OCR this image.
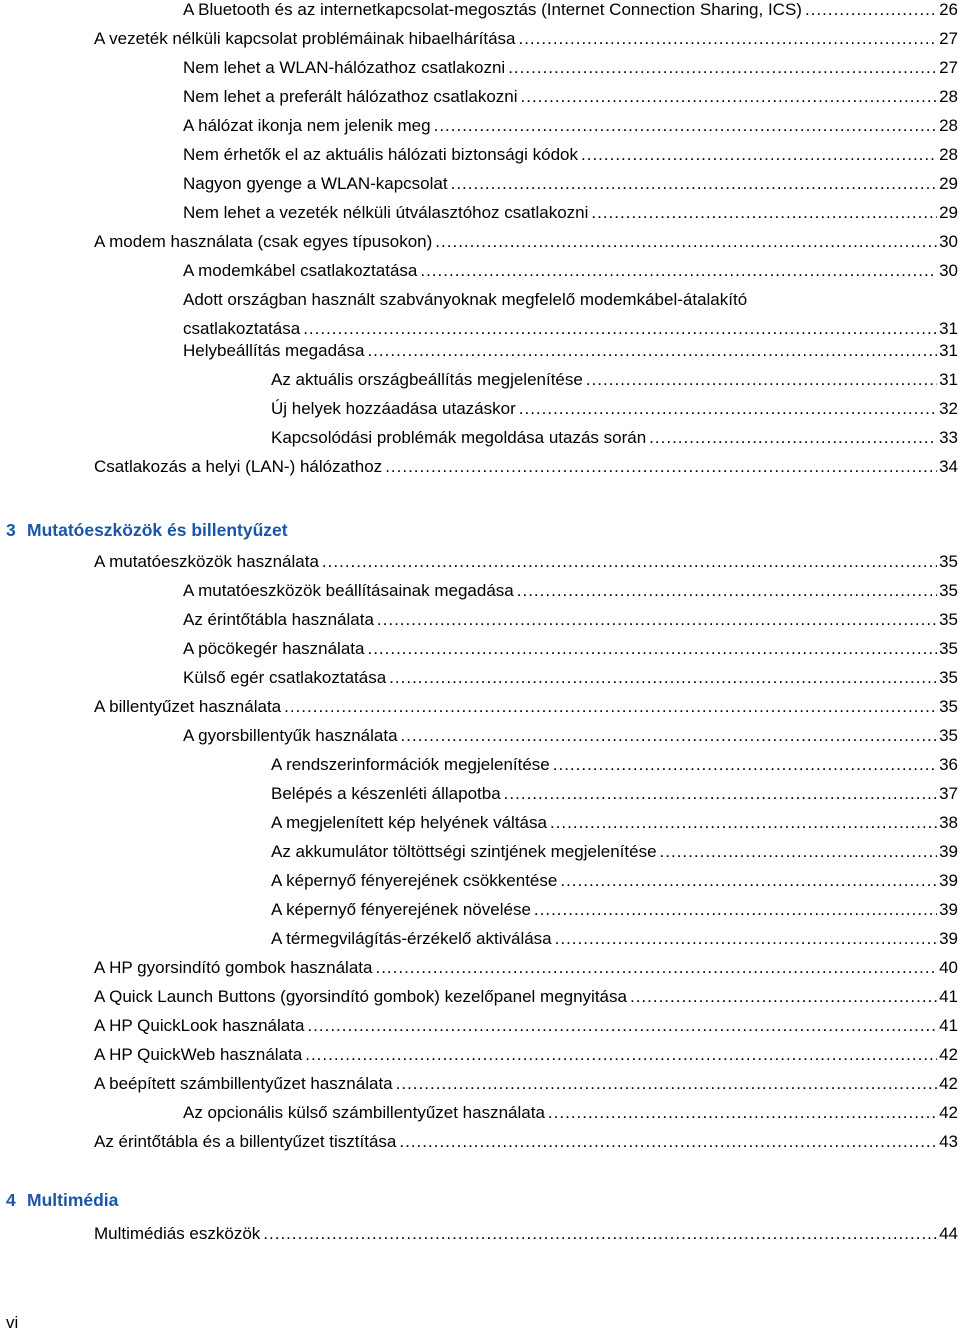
A Bluetooth és az internetkapcsolat-megosztás (Internet Connection Sharing, ICS) .....	26
A vezeték nélküli kapcsolat problémáinak hibaelhárítása .....	27
Nem lehet a WLAN-hálózathoz csatlakozni .....	27
Nem lehet a preferált hálózathoz csatlakozni .....	28
A hálózat ikonja nem jelenik meg .....	28
Nem érhetők el az aktuális hálózati biztonsági kódok .....	28
Nagyon gyenge a WLAN-kapcsolat .....	29
Nem lehet a vezeték nélküli útválasztóhoz csatlakozni .....	29
A modem használata (csak egyes típusokon) .....	30
A modemkábel csatlakoztatása .....	30
Adott országban használt szabványoknak megfelelő modemkábel-átalakító
csatlakoztatása .....	31
Helybeállítás megadása .....	31
Az aktuális országbeállítás megjelenítése .....	31
Új helyek hozzáadása utazáskor .....	32
Kapcsolódási problémák megoldása utazás során .....	33
Csatlakozás a helyi (LAN-) hálózathoz .....	34
3 Mutatóeszközök és billentyűzet
A mutatóeszközök használata .....	35
A mutatóeszközök beállításainak megadása .....	35
Az érintőtábla használata .....	35
A pöcökegér használata .....	35
Külső egér csatlakoztatása .....	35
A billentyűzet használata .....	35
A gyorsbillentyűk használata .....	35
A rendszerinformációk megjelenítése .....	36
Belépés a készenléti állapotba .....	37
A megjelenített kép helyének váltása .....	38
Az akkumulátor töltöttségi szintjének megjelenítése .....	39
A képernyő fényerejének csökkentése .....	39
A képernyő fényerejének növelése .....	39
A térmegvilágítás-érzékelő aktiválása .....	39
A HP gyorsindító gombok használata .....	40
A Quick Launch Buttons (gyorsindító gombok) kezelőpanel megnyitása .....	41
A HP QuickLook használata .....	41
A HP QuickWeb használata .....	42
A beépített számbillentyűzet használata .....	42
Az opcionális külső számbillentyűzet használata .....	42
Az érintőtábla és a billentyűzet tisztítása .....	43
4 Multimédia
Multimédiás eszközök .....	44
vi
